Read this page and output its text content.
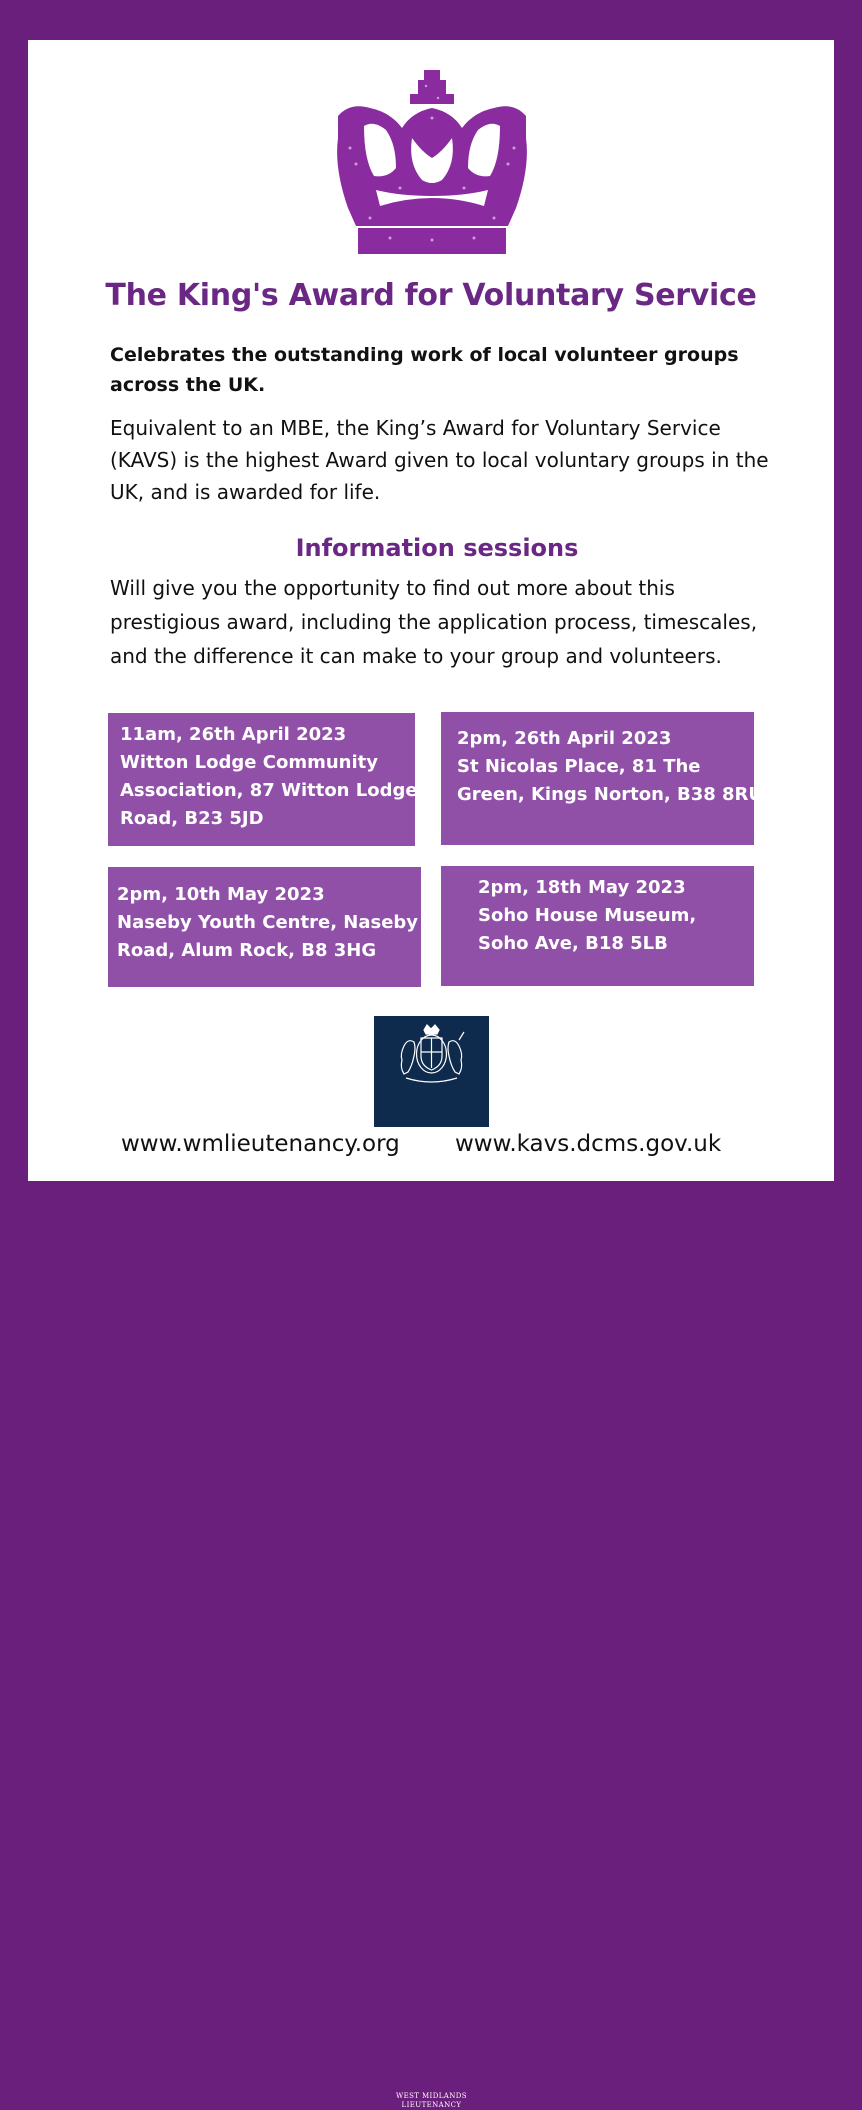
The King's Award for Voluntary Service
Celebrates the outstanding work of local volunteer groups across the UK.
Equivalent to an MBE, the King’s Award for Voluntary Service (KAVS) is the highest Award given to local voluntary groups in the UK, and is awarded for life.
Information sessions
Will give you the opportunity to find out more about this prestigious award, including the application process, timescales, and the difference it can make to your group and volunteers.
11am, 26th April 2023
Witton Lodge Community
Association, 87 Witton Lodge
Road, B23 5JD
2pm, 26th April 2023
St Nicolas Place, 81 The
Green, Kings Norton, B38 8RU
2pm, 10th May 2023
Naseby Youth Centre, Naseby
Road, Alum Rock, B8 3HG
2pm, 18th May 2023
Soho House Museum,
Soho Ave, B18 5LB
WEST MIDLANDS
LIEUTENANCY
www.wmlieutenancy.org www.kavs.dcms.gov.uk
